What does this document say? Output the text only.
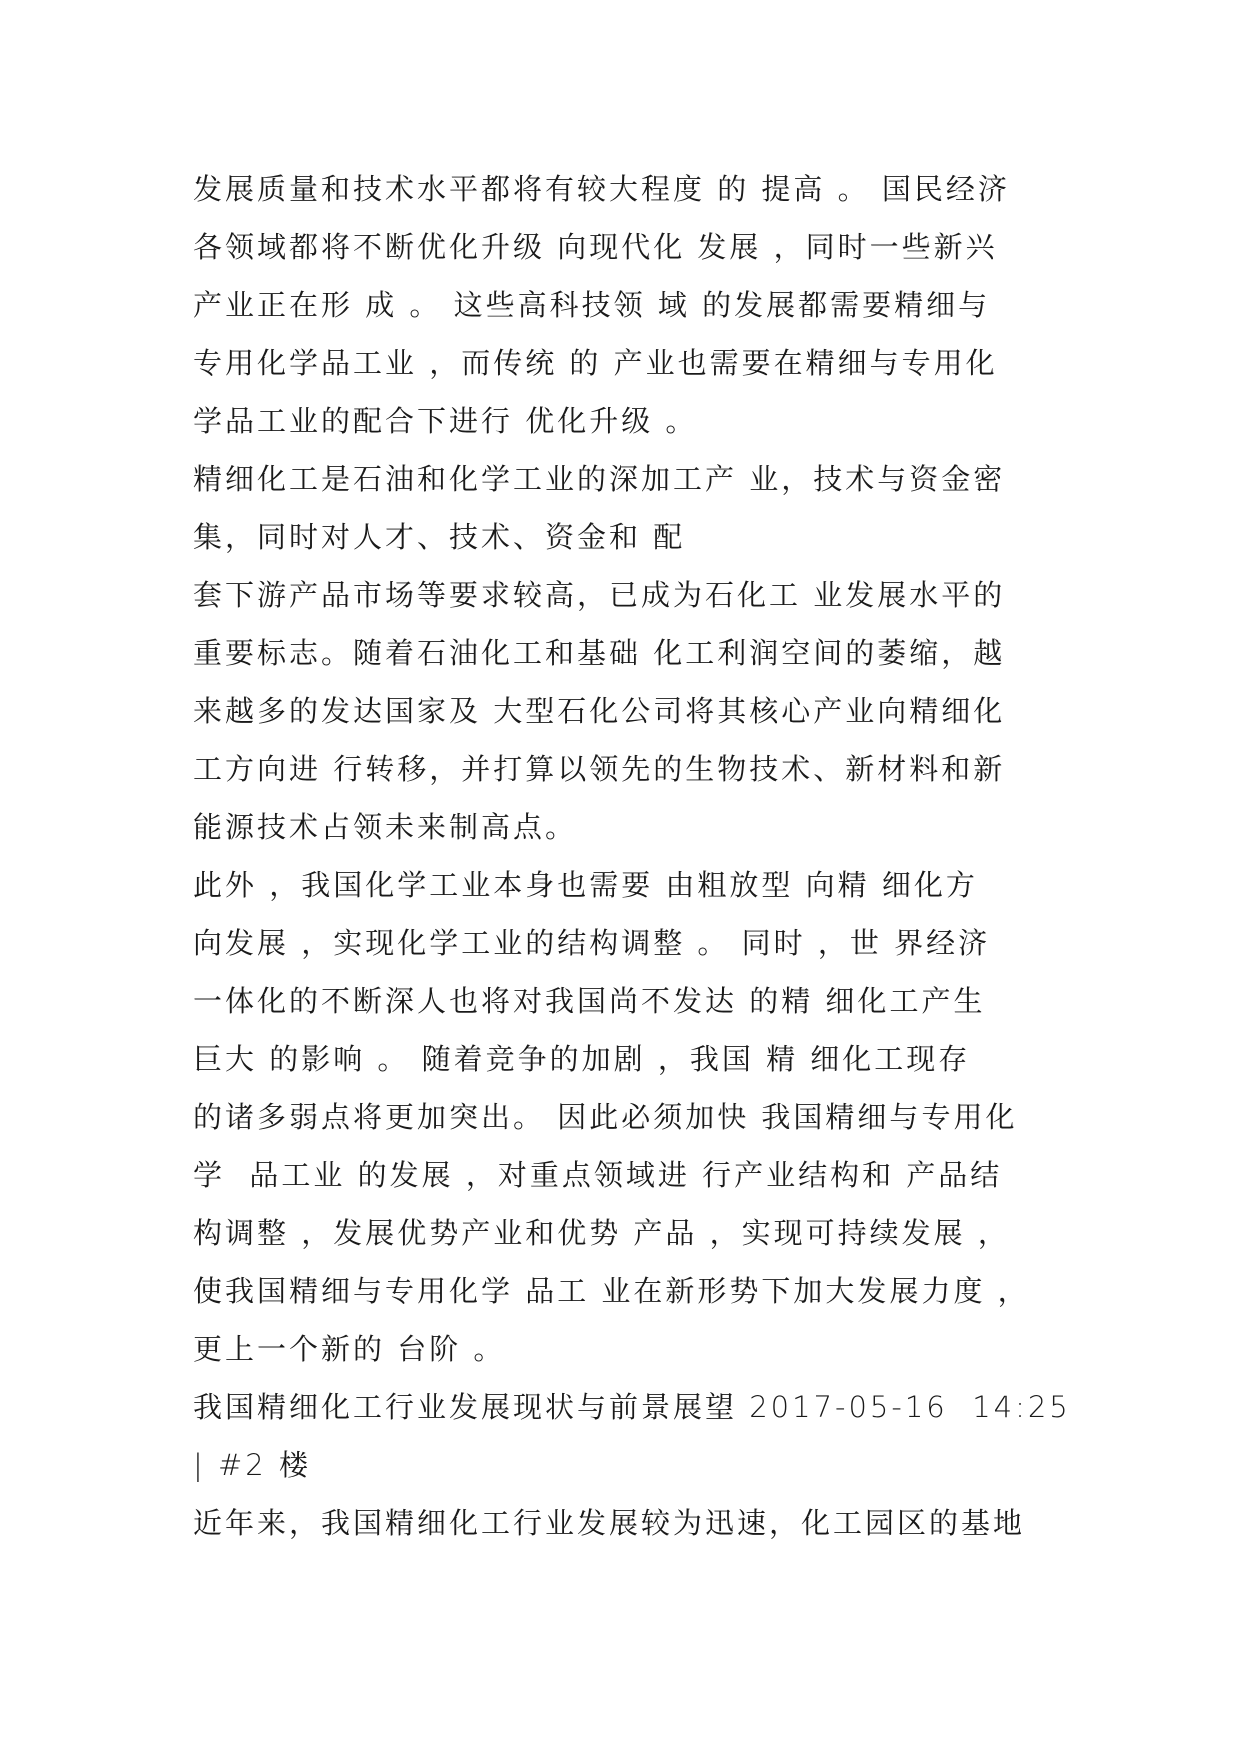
发展质量和技术水平都将有较大程度 的 提高 。 国民经济
各领域都将不断优化升级 向现代化 发展 ，同时一些新兴
产业正在形 成 。 这些高科技领 域 的发展都需要精细与
专用化学品工业 ，而传统 的 产业也需要在精细与专用化
学品工业的配合下进行 优化升级 。
精细化工是石油和化学工业的深加工产 业，技术与资金密
集，同时对人才、技术、资金和 配
套下游产品市场等要求较高，已成为石化工 业发展水平的
重要标志。随着石油化工和基础 化工利润空间的萎缩，越
来越多的发达国家及 大型石化公司将其核心产业向精细化
工方向进 行转移，并打算以领先的生物技术、新材料和新
能源技术占领未来制高点。
此外 ，我国化学工业本身也需要 由粗放型 向精 细化方
向发展 ，实现化学工业的结构调整 。 同时 ，世 界经济
一体化的不断深人也将对我国尚不发达 的精 细化工产生
巨大 的影响 。 随着竞争的加剧 ，我国 精 细化工现存
的诸多弱点将更加突出。 因此必须加快 我国精细与专用化
学  品工业 的发展 ，对重点领域进 行产业结构和 产品结
构调整 ，发展优势产业和优势 产品 ，实现可持续发展 ，
使我国精细与专用化学 品工 业在新形势下加大发展力度 ，
更上一个新的 台阶 。
我国精细化工行业发展现状与前景展望 2017-05-16  14:25
| #2 楼
近年来，我国精细化工行业发展较为迅速，化工园区的基地
